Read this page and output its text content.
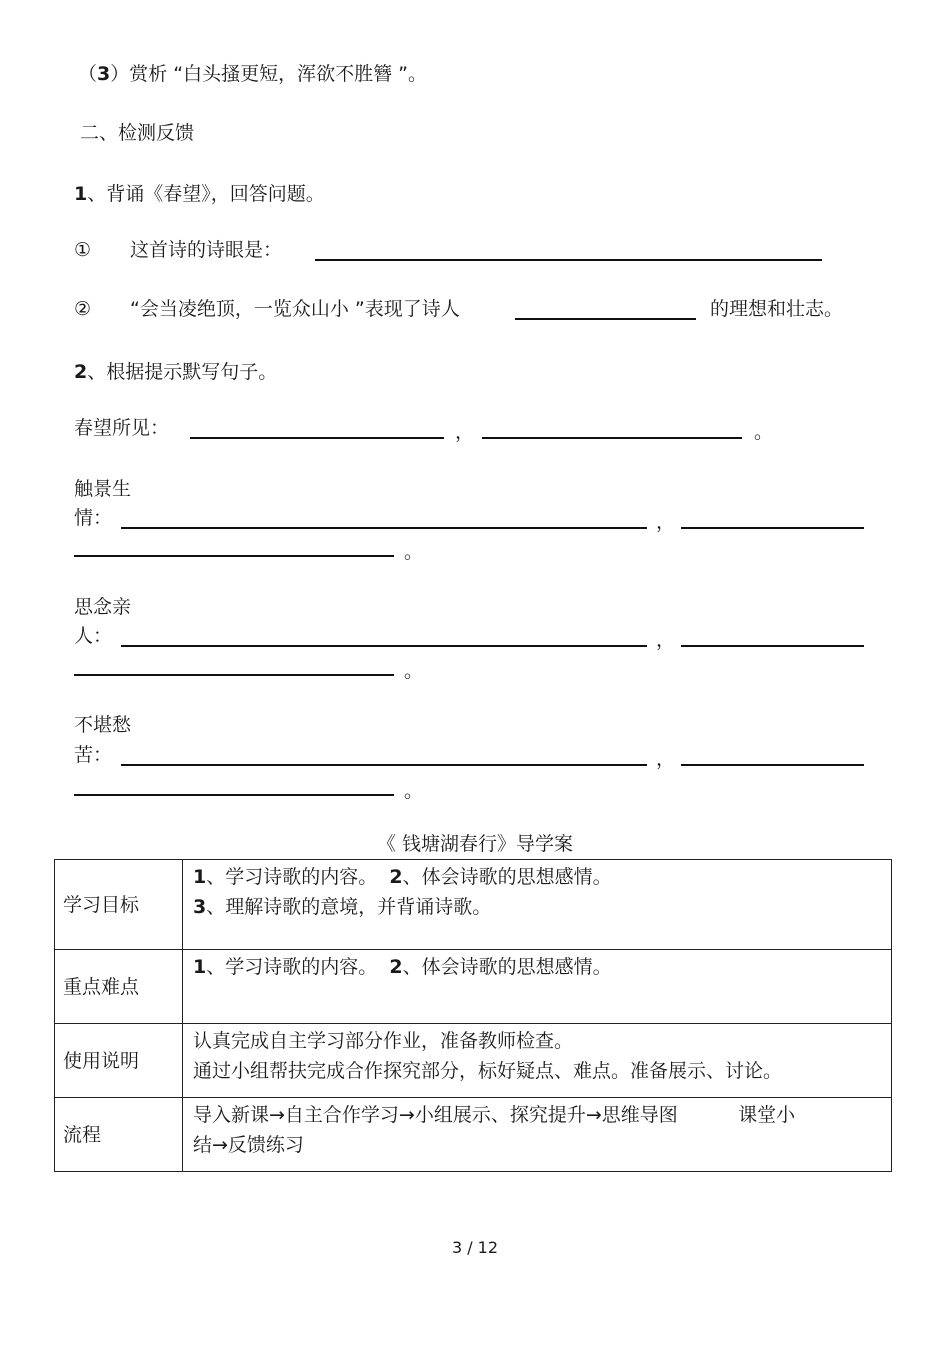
（3）赏析 “白头搔更短，浑欲不胜簪 ”。
二、检测反馈
1、背诵《春望》，回答问题。
① 这首诗的诗眼是：
② “会当凌绝顶，一览众山小 ”表现了诗人	的理想和壮志。
2、根据提示默写句子。
春望所见：	，	。
触景生
情：	，
。
思念亲
人：	，
。
不堪愁
苦：	，
。
《 钱塘湖春行》导学案
学习目标	1、学习诗歌的内容。  2、体会诗歌的思想感情。
3、理解诗歌的意境，并背诵诗歌。

重点难点	1、学习诗歌的内容。  2、体会诗歌的思想感情。

使用说明	认真完成自主学习部分作业，准备教师检查。
通过小组帮扶完成合作探究部分，标好疑点、难点。准备展示、讨论。

流程	导入新课→自主合作学习→小组展示、探究提升→思维导图          课堂小
结→反馈练习
3 / 12
